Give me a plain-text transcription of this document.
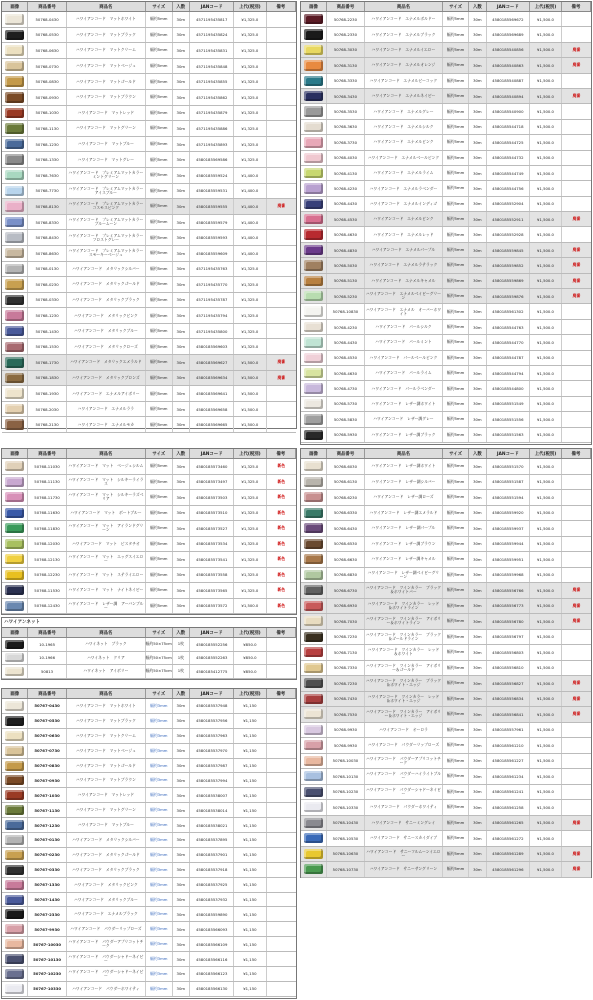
画像	商品番号	商品名	サイズ	入数	JANコード	上代(税別)	備考
50768-0430	ハワイアンコード　マットホワイト	幅約5mm	30m	4571195435817	¥1,325.0
50768-0530	ハワイアンコード　マットブラック	幅約5mm	30m	4571195435824	¥1,325.0
50768-0630	ハワイアンコード　マットクリーム	幅約5mm	30m	4571195435831	¥1,325.0
50768-0730	ハワイアンコード　マットベージュ	幅約5mm	30m	4571195435848	¥1,325.0
50768-0830	ハワイアンコード　マットゴールド	幅約5mm	30m	4571195435855	¥1,325.0
50768-0930	ハワイアンコード　マットブラウン	幅約5mm	30m	4571195435862	¥1,325.0
50768-1030	ハワイアンコード　マットレッド	幅約5mm	30m	4571195435879	¥1,325.0
50768-1130	ハワイアンコード　マットグリーン	幅約5mm	30m	4571195435886	¥1,325.0
50768-1230	ハワイアンコード　マットブルー	幅約5mm	30m	4571195435893	¥1,325.0
50768-1330	ハワイアンコード　マットグレー	幅約5mm	30m	4580185569586	¥1,325.0
50768-7630	ハワイアンコード　プレミアムマットカラー　ミントグリーン	幅約5mm	30m	4580185559524	¥1,400.0
50768-7730	ハワイアンコード　プレミアムマットカラー　アイスブルー	幅約5mm	30m	4580185559531	¥1,400.0
50768-8130	ハワイアンコード　プレミアムマットカラー　コスモスピンク	幅約5mm	30m	4580185559555	¥1,400.0	廃番
50768-8330	ハワイアンコード　プレミアムマットカラー　ブルームーン	幅約5mm	30m	4580185559579	¥1,400.0
50768-8430	ハワイアンコード　プレミアムマットカラー　フロストグレー	幅約5mm	30m	4580185559593	¥1,400.0
50768-8630	ハワイアンコード　プレミアムマットカラー　スモーキーベージュ	幅約5mm	30m	4580185559609	¥1,400.0
50768-0130	ハワイアンコード　メタリックシルバー	幅約5mm	30m	4571195435763	¥1,325.0
50768-0230	ハワイアンコード　メタリックゴールド	幅約5mm	30m	4571195435770	¥1,325.0
50768-0330	ハワイアンコード　メタリックブラック	幅約5mm	30m	4571195435787	¥1,325.0
50768-1230	ハワイアンコード　メタリックピンク	幅約5mm	30m	4571195435794	¥1,325.0
50768-1430	ハワイアンコード　メタリックブルー	幅約5mm	30m	4571195435800	¥1,325.0
50768-1530	ハワイアンコード　メタリックローズ	幅約5mm	30m	4580185569603	¥1,325.0
50768-1730	ハワイアンコード　メタリックエメラルド	幅約5mm	30m	4580185569627	¥1,500.0	廃番
50768-1830	ハワイアンコード　メタリックブロンズ	幅約5mm	30m	4580185569634	¥1,500.0	廃番
50768-1930	ハワイアンコード　エナメルアイボリー	幅約5mm	30m	4580185569641	¥1,500.0
50768-2030	ハワイアンコード　エナメルララ	幅約5mm	30m	4580185569658	¥1,500.0
50768-2130	ハワイアンコード　エナメルモカ	幅約5mm	30m	4580185569665	¥1,500.0
画像	商品番号	商品名	サイズ	入数	JANコード	上代(税別)	備考
50768-2230	ハワイアンコード　エナメルボルドー	幅約5mm	30m	4580185569672	¥1,500.0
50768-2330	ハワイアンコード　エナメルブラック	幅約5mm	30m	4580185569689	¥1,500.0
50768-3030	ハワイアンコード　エナメルイエロー	幅約5mm	30m	4580185540856	¥1,500.0	廃番
50768-3130	ハワイアンコード　エナメルオレンジ	幅約5mm	30m	4580185540863	¥1,500.0	廃番
50768-3330	ハワイアンコード　エナメルピーコック	幅約5mm	30m	4580185540887	¥1,500.0
50768-3430	ハワイアンコード　エナメルネイビー	幅約5mm	30m	4580185540894	¥1,500.0	廃番
50768-3530	ハワイアンコード　エナメルグレー	幅約5mm	30m	4580185540900	¥1,500.0
50768-3630	ハワイアンコード　エナメルシルク	幅約5mm	30m	4580185544718	¥1,500.0
50768-3730	ハワイアンコード　エナメルピンク	幅約5mm	30m	4580185544725	¥1,500.0
50768-4030	ハワイアンコード　エナメルベールピンク	幅約5mm	30m	4580185544732	¥1,500.0
50768-4130	ハワイアンコード　エナメルライム	幅約5mm	30m	4580185544749	¥1,500.0
50768-4230	ハワイアンコード　エナメルラベンダー	幅約5mm	30m	4580185544756	¥1,500.0
50768-4430	ハワイアンコード　エナメルインディゴ	幅約5mm	30m	4580185552904	¥1,500.0
50768-4530	ハワイアンコード　エナメルピンク	幅約5mm	30m	4580185552911	¥1,500.0	廃番
50768-4630	ハワイアンコード　エナメルレッド	幅約5mm	30m	4580185552928	¥1,500.0
50768-4830	ハワイアンコード　エナメルパープル	幅約5mm	30m	4580185559845	¥1,500.0	廃番
50768-5030	ハワイアンコード　エナメルラテラック	幅約5mm	30m	4580185559852	¥1,500.0	廃番
50768-5130	ハワイアンコード　エナメルキャメル	幅約5mm	30m	4580185559869	¥1,500.0	廃番
50768-5230	ハワイアンコード　エナメルベイビーグリーン	幅約5mm	30m	4580185559876	¥1,500.0	廃番
50768-10830	ハワイアンコード　エナメル　オーバーホワイト	幅約5mm	30m	4580185561302	¥1,500.0
50768-4230	ハワイアンコード　パールシルク	幅約5mm	30m	4580185544763	¥1,500.0
50768-4430	ハワイアンコード　パールミント	幅約5mm	30m	4580185544770	¥1,500.0
50768-4530	ハワイアンコード　パールベールピンク	幅約5mm	30m	4580185544787	¥1,500.0
50768-4630	ハワイアンコード　パールライム	幅約5mm	30m	4580185544794	¥1,500.0
50768-4730	ハワイアンコード　パールラベンダー	幅約5mm	30m	4580185544800	¥1,500.0
50768-5730	ハワイアンコード　レザー調ホワイト	幅約5mm	30m	4580185551549	¥1,500.0
50768-5830	ハワイアンコード　レザー調グレー	幅約5mm	30m	4580185551556	¥1,500.0
50768-5930	ハワイアンコード　レザー調ブラック	幅約5mm	30m	4580185551563	¥1,500.0
画像	商品番号	商品名	サイズ	入数	JANコード	上代(税別)	備考
50768-11030	ハワイアンコード　マット　ベージュシルム	幅約5mm	30m	4580185573460	¥1,325.0	新色
50768-11130	ハワイアンコード　マット　シルキーライラス	幅約5mm	30m	4580185573497	¥1,325.0	新色
50768-11730	ハワイアンコード　マット　シルキーラズベリア	幅約5mm	30m	4580185573503	¥1,325.0	新色
50768-11630	ハワイアンコード　マット　ボートブルー	幅約5mm	30m	4580185573510	¥1,325.0	新色
50768-11830	ハワイアンコード　マット　アイランドグリーン	幅約5mm	30m	4580185573527	¥1,325.0	新色
50768-12030	ハワイアンコード　マット　ピスタチオ	幅約5mm	30m	4580185573534	¥1,325.0	新色
50768-12130	ハワイアンコード　マット　エッグスイエロー	幅約5mm	30m	4580185573541	¥1,325.0	新色
50768-12230	ハワイアンコード　マット　ステライエロー	幅約5mm	30m	4580185573558	¥1,325.0	新色
50768-11530	ハワイアンコード　マット　ナイトネイビー	幅約5mm	30m	4580185573565	¥1,325.0	新色
50768-12430	ハワイアンコード　レザー調　アーバンブルー	幅約5mm	30m	4580185573572	¥1,500.0	新色
ハワイアンネット
画像	商品番号	商品名	サイズ	入数	JANコード	上代(税別)	備考
10-1965	ハワイネット　ブラック	幅約50×75cm	1枚	4580185552256	¥850.0
10-1966	ハワイネット　クリア	幅約50×75cm	1枚	4580185552263	¥850.0
50813	ハワイネット　アイボリー	幅約50×75cm	1枚	4580185412775	¥850.0
画像	商品番号	商品名	サイズ	入数	JANコード	上代(税別)	備考
50767-0430	ハワイアンコード　マットホワイト	幅約3mm	30m	4580185537948	¥1,150
50767-0530	ハワイアンコード　マットブラック	幅約3mm	30m	4580185537956	¥1,150
50767-0630	ハワイアンコード　マットクリーム	幅約3mm	30m	4580185537963	¥1,150
50767-0730	ハワイアンコード　マットベージュ	幅約3mm	30m	4580185537970	¥1,150
50767-0830	ハワイアンコード　マットゴールド	幅約3mm	30m	4580185537987	¥1,150
50767-0930	ハワイアンコード　マットブラウン	幅約3mm	30m	4580185537994	¥1,150
50767-1030	ハワイアンコード　マットレッド	幅約3mm	30m	4580185538007	¥1,150
50767-1130	ハワイアンコード　マットグリーン	幅約3mm	30m	4580185538014	¥1,150
50767-1230	ハワイアンコード　マットブルー	幅約3mm	30m	4580185538021	¥1,150
50767-0130	ハワイアンコード　メタリックシルバー	幅約3mm	30m	4580185537895	¥1,150
50767-0230	ハワイアンコード　メタリックゴールド	幅約3mm	30m	4580185537901	¥1,150
50767-0330	ハワイアンコード　メタリックブラック	幅約3mm	30m	4580185537918	¥1,150
50767-1330	ハワイアンコード　メタリックピンク	幅約3mm	30m	4580185537925	¥1,150
50767-1430	ハワイアンコード　メタリックブルー	幅約3mm	30m	4580185537932	¥1,150
50767-2330	ハワイアンコード　エナメルブラック	幅約3mm	30m	4580185559890	¥1,150
50767-9930	ハワイアンコード　パウダーリップローズ	幅約3mm	30m	4580185566093	¥1,150
50767-10030	ハワイアンコード　パウダーアプリコットチーク	幅約3mm	30m	4580185566109	¥1,150
50767-10130	ハワイアンコード　パウダーシャドーネイビー	幅約3mm	30m	4580185566116	¥1,150
50767-10230	ハワイアンコード　パウダーシャドーネイビー	幅約3mm	30m	4580185566123	¥1,150
50767-10330	ハワイアンコード　パウダーホワイティ	幅約3mm	30m	4580185566130	¥1,150
画像	商品番号	商品名	サイズ	入数	JANコード	上代(税別)	備考
50768-6030	ハワイアンコード　レザー調ホワイト	幅約5mm	30m	4580185551570	¥1,500.0
50768-6130	ハワイアンコード　レザー調シルバー	幅約5mm	30m	4580185551587	¥1,500.0
50768-6230	ハワイアンコード　レザー調ローズ	幅約5mm	30m	4580185551594	¥1,500.0
50768-6330	ハワイアンコード　レザー調エメラルド	幅約5mm	30m	4580185559920	¥1,500.0
50768-6430	ハワイアンコード　レザー調パープル	幅約5mm	30m	4580185559937	¥1,500.0
50768-6530	ハワイアンコード　レザー調ブラウン	幅約5mm	30m	4580185559944	¥1,500.0
50768-6630	ハワイアンコード　レザー調キャメル	幅約5mm	30m	4580185559951	¥1,500.0
50768-6830	ハワイアンコード　レザー調ベイビーグリーン	幅約5mm	30m	4580185559968	¥1,500.0
50768-6730	ハワイアンコード　ツインカラー　ブラック＆ホワイトバー	幅約5mm	30m	4580185556766	¥1,500.0	廃番
50768-6930	ハワイアンコード　ツインカラー　レッド＆ホワイトライン	幅約5mm	30m	4580185556773	¥1,500.0	廃番
50768-7030	ハワイアンコード　ツインカラー　アイボリー＆ホワイトライン	幅約5mm	30m	4580185556780	¥1,500.0	廃番
50768-7230	ハワイアンコード　ツインカラー　ブラック＆ゴールドライン	幅約5mm	30m	4580185556797	¥1,500.0
50768-7130	ハワイアンコード　ツインカラー　レッド＆ホワイト	幅約5mm	30m	4580185556803	¥1,500.0
50768-7330	ハワイアンコード　ツインカラー　アイボリー＆ゴールド	幅約5mm	30m	4580185556810	¥1,500.0
50768-7230	ハワイアンコード　ツインカラー　ブラック＆ホワイト・エッジ	幅約5mm	30m	4580185556827	¥1,500.0	廃番
50768-7430	ハワイアンコード　ツインカラー　レッド＆ホワイト・エッジ	幅約5mm	30m	4580185556834	¥1,500.0	廃番
50768-7530	ハワイアンコード　ツインカラー　アイボリー＆ホワイト・エッジ	幅約5mm	30m	4580185556841	¥1,500.0	廃番
50768-9930	ハワイアンコード　オーロラ	幅約5mm	30m	4580185557961	¥1,500.0
50768-9930	ハワイアンコード　パウダーリップローズ	幅約5mm	30m	4580185561210	¥1,500.0
50768-10030	ハワイアンコード　パウダーアプリコットチーク	幅約5mm	30m	4580185561227	¥1,500.0
50768-10130	ハワイアンコード　パウダーハイライトブルー	幅約5mm	30m	4580185561234	¥1,500.0
50768-10230	ハワイアンコード　パウダーシャドーネイビー	幅約5mm	30m	4580185561241	¥1,500.0
50768-10330	ハワイアンコード　パウダーホワイティ	幅約5mm	30m	4580185561258	¥1,500.0
50768-10430	ハワイアンコード　サニーミングレイ	幅約5mm	30m	4580185561265	¥1,500.0	廃番
50768-10530	ハワイアンコード　サニースカイダイブ	幅約5mm	30m	4580185561272	¥1,500.0
50768-10630	ハワイアンコード　サニーフルムーンイエロー	幅約5mm	30m	4580185561289	¥1,500.0	廃番
50768-10730	ハワイアンコード　サニーサングリーン	幅約5mm	30m	4580185561296	¥1,500.0	廃番
